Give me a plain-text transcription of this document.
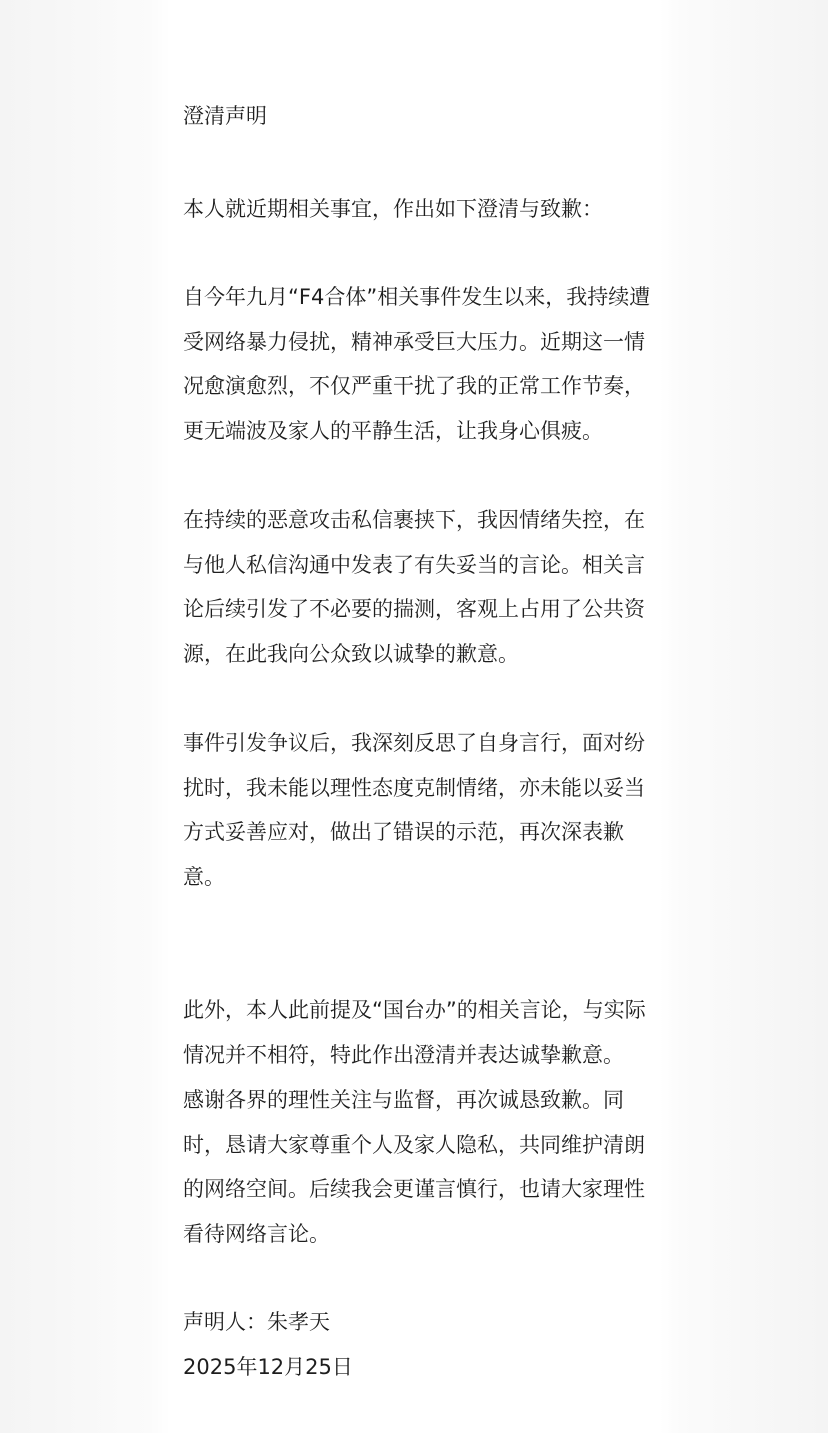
澄清声明

本人就近期相关事宜，作出如下澄清与致歉：

自今年九月“F4合体”相关事件发生以来，我持续遭
受网络暴力侵扰，精神承受巨大压力。近期这一情
况愈演愈烈，不仅严重干扰了我的正常工作节奏，
更无端波及家人的平静生活，让我身心俱疲。

在持续的恶意攻击私信裹挟下，我因情绪失控，在
与他人私信沟通中发表了有失妥当的言论。相关言
论后续引发了不必要的揣测，客观上占用了公共资
源，在此我向公众致以诚挚的歉意。

事件引发争议后，我深刻反思了自身言行，面对纷
扰时，我未能以理性态度克制情绪，亦未能以妥当
方式妥善应对，做出了错误的示范，再次深表歉
意。

此外，本人此前提及“国台办”的相关言论，与实际
情况并不相符，特此作出澄清并表达诚挚歉意。

感谢各界的理性关注与监督，再次诚恳致歉。同
时，恳请大家尊重个人及家人隐私，共同维护清朗
的网络空间。后续我会更谨言慎行，也请大家理性
看待网络言论。

声明人：朱孝天
2025年12月25日
